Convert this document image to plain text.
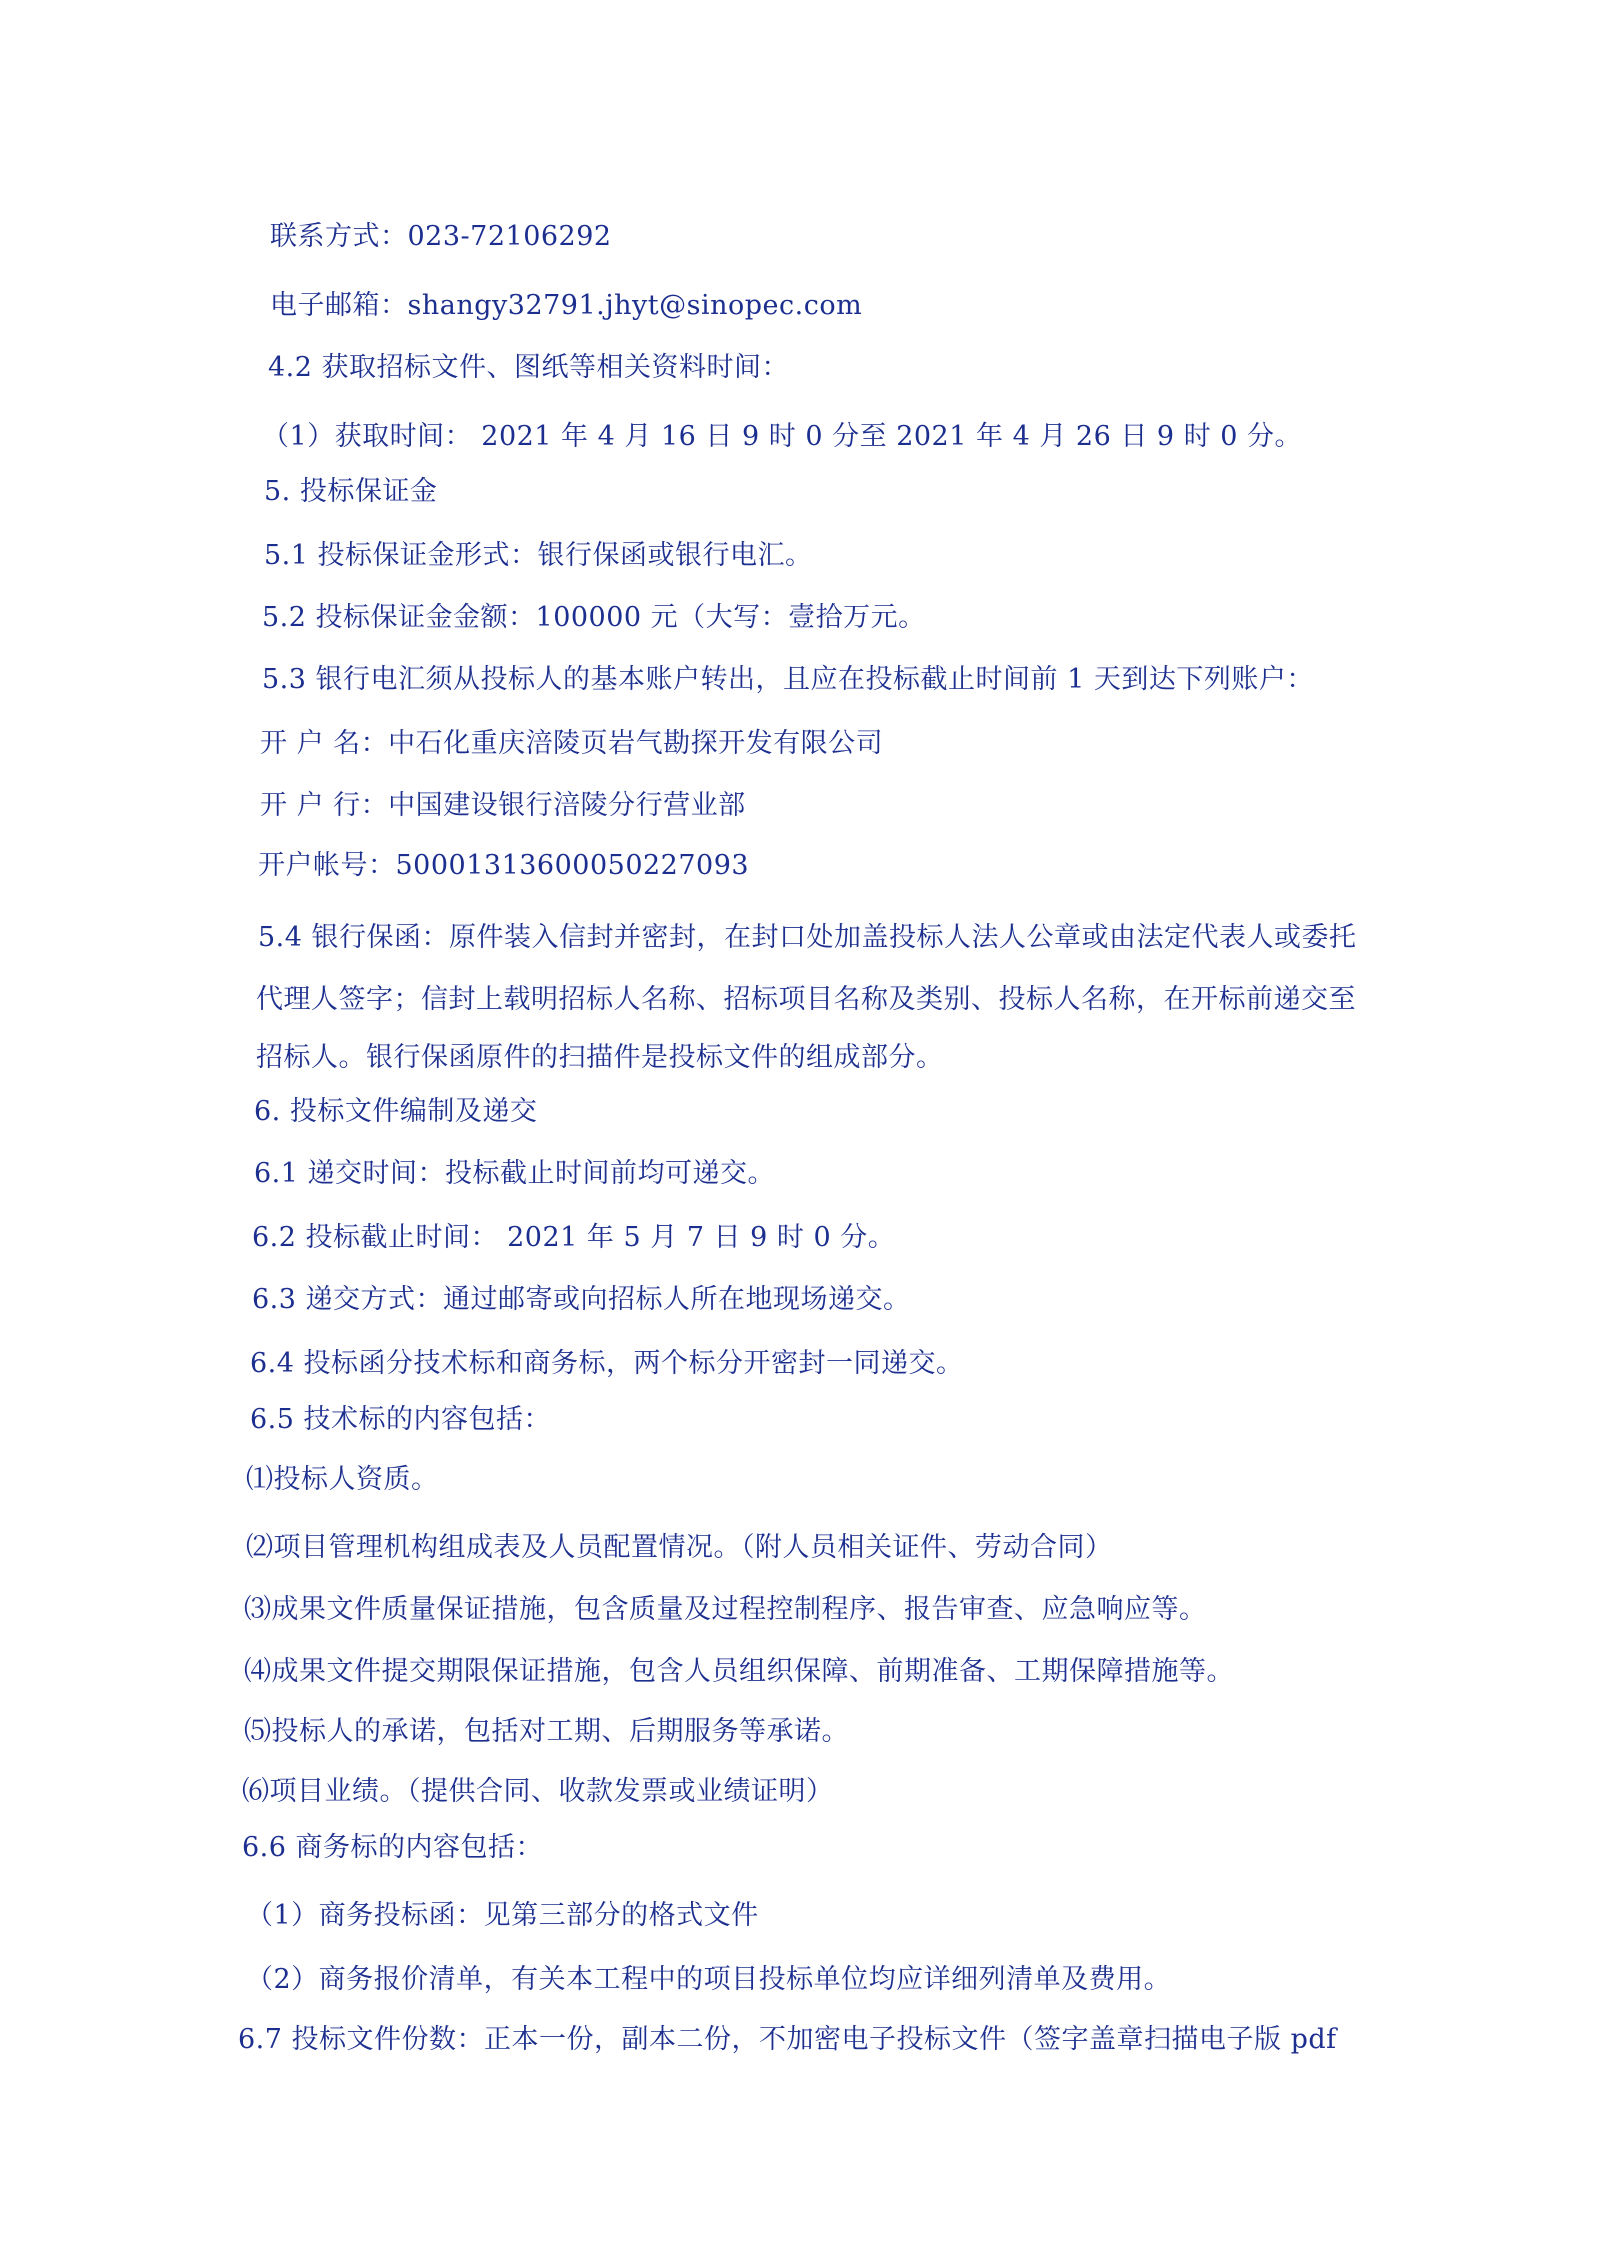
联系方式：023-72106292
电子邮箱：shangy32791.jhyt@sinopec.com
4.2 获取招标文件、图纸等相关资料时间：
（1）获取时间： 2021 年 4 月 16 日 9 时 0 分至 2021 年 4 月 26 日 9 时 0 分。
5. 投标保证金
5.1 投标保证金形式：银行保函或银行电汇。
5.2 投标保证金金额：100000 元（大写：壹拾万元。
5.3 银行电汇须从投标人的基本账户转出，且应在投标截止时间前 1 天到达下列账户：
开 户 名：中石化重庆涪陵页岩气勘探开发有限公司
开 户 行：中国建设银行涪陵分行营业部
开户帐号：50001313600050227093
5.4 银行保函：原件装入信封并密封，在封口处加盖投标人法人公章或由法定代表人或委托
代理人签字；信封上载明招标人名称、招标项目名称及类别、投标人名称，在开标前递交至
招标人。银行保函原件的扫描件是投标文件的组成部分。
6. 投标文件编制及递交
6.1 递交时间：投标截止时间前均可递交。
6.2 投标截止时间： 2021 年 5 月 7 日 9 时 0 分。
6.3 递交方式：通过邮寄或向招标人所在地现场递交。
6.4 投标函分技术标和商务标，两个标分开密封一同递交。
6.5 技术标的内容包括：
⑴投标人资质。
⑵项目管理机构组成表及人员配置情况。（附人员相关证件、劳动合同）
⑶成果文件质量保证措施，包含质量及过程控制程序、报告审查、应急响应等。
⑷成果文件提交期限保证措施，包含人员组织保障、前期准备、工期保障措施等。
⑸投标人的承诺，包括对工期、后期服务等承诺。
⑹项目业绩。（提供合同、收款发票或业绩证明）
6.6 商务标的内容包括：
（1）商务投标函：见第三部分的格式文件
（2）商务报价清单，有关本工程中的项目投标单位均应详细列清单及费用。
6.7 投标文件份数：正本一份，副本二份，不加密电子投标文件（签字盖章扫描电子版 pdf
